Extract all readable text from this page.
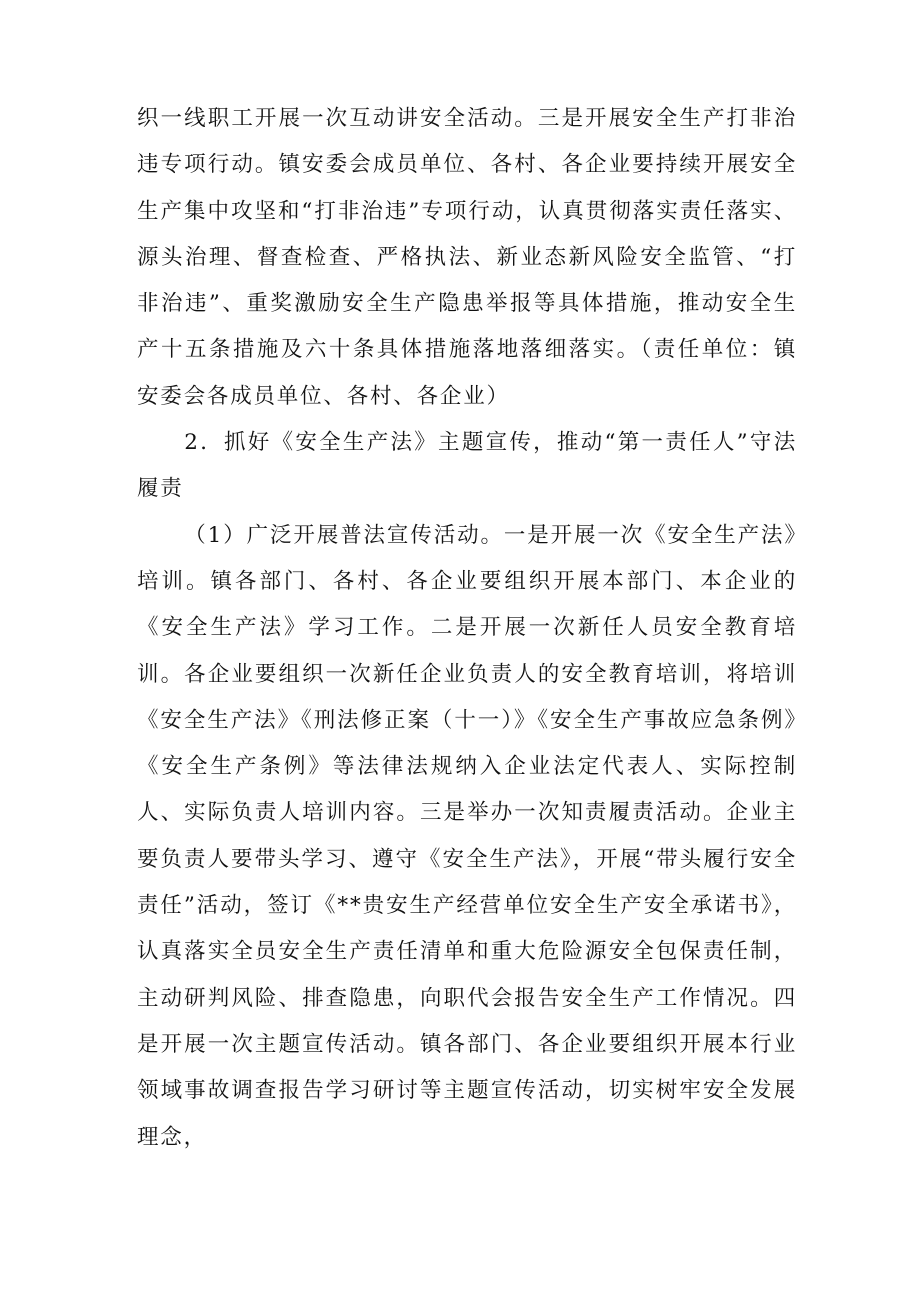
织一线职工开展一次互动讲安全活动。三是开展安全生产打非治违专项行动。镇安委会成员单位、各村、各企业要持续开展安全生产集中攻坚和“打非治违”专项行动，认真贯彻落实责任落实、源头治理、督查检查、严格执法、新业态新风险安全监管、“打非治违”、重奖激励安全生产隐患举报等具体措施，推动安全生产十五条措施及六十条具体措施落地落细落实。（责任单位：镇安委会各成员单位、各村、各企业）

2．抓好《安全生产法》主题宣传，推动“第一责任人”守法履责

（1）广泛开展普法宣传活动。一是开展一次《安全生产法》培训。镇各部门、各村、各企业要组织开展本部门、本企业的《安全生产法》学习工作。二是开展一次新任人员安全教育培训。各企业要组织一次新任企业负责人的安全教育培训，将培训《安全生产法》《刑法修正案（十一）》《安全生产事故应急条例》《安全生产条例》等法律法规纳入企业法定代表人、实际控制人、实际负责人培训内容。三是举办一次知责履责活动。企业主要负责人要带头学习、遵守《安全生产法》，开展“带头履行安全责任”活动，签订《**贵安生产经营单位安全生产安全承诺书》，认真落实全员安全生产责任清单和重大危险源安全包保责任制，主动研判风险、排查隐患，向职代会报告安全生产工作情况。四是开展一次主题宣传活动。镇各部门、各企业要组织开展本行业领域事故调查报告学习研讨等主题宣传活动，切实树牢安全发展理念，
